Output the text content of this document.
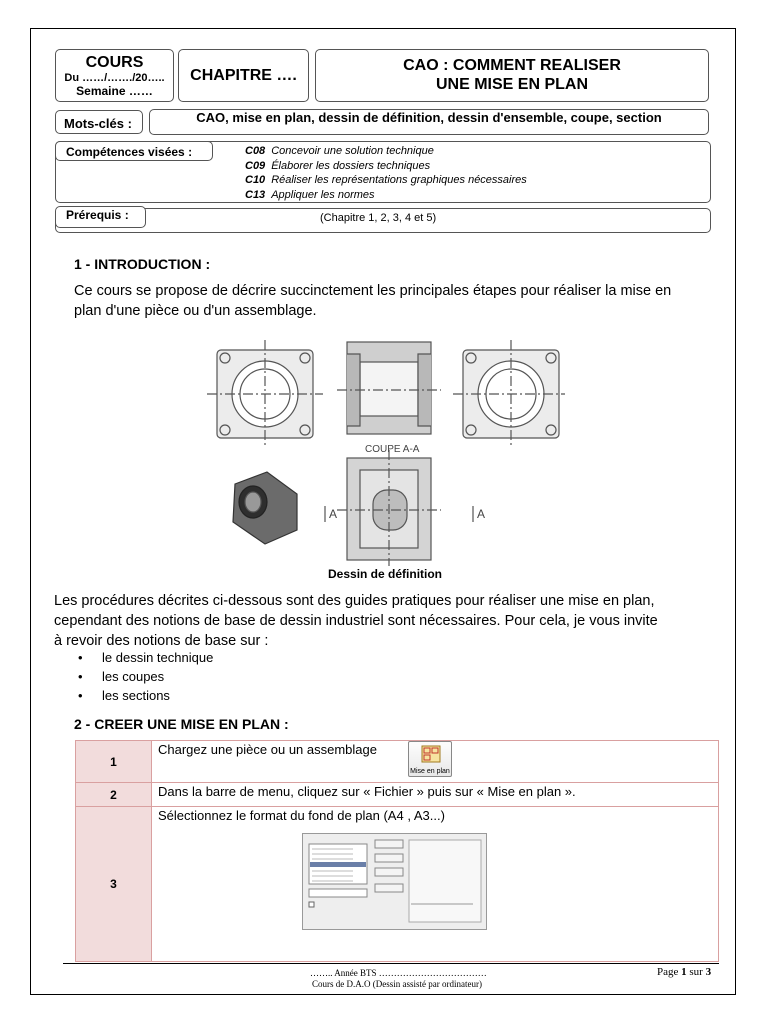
COURS
Du ……/……./20…..
Semaine ……
CHAPITRE ….
CAO : COMMENT REALISER
UNE MISE EN PLAN
CAO, mise en plan, dessin de définition, dessin d'ensemble, coupe, section
Mots-clés :
Compétences visées :	C08 Concevoir une solution technique
C09 Élaborer les dossiers techniques
C10 Réaliser les représentations graphiques nécessaires
C13 Appliquer les normes
Prérequis :	(Chapitre 1, 2, 3, 4 et 5)
1 - INTRODUCTION :
Ce cours se propose de décrire succinctement les principales étapes pour réaliser la mise en
plan d'une pièce ou d'un assemblage.
COUPE A-A
A	A
Dessin de définition
Les procédures décrites ci-dessous sont des guides pratiques pour réaliser une mise en plan,
cependant des notions de base de dessin industriel sont nécessaires. Pour cela, je vous invite
à revoir des notions de base sur :
• le dessin technique
• les coupes
• les sections
2 - CREER UNE MISE EN PLAN :
1	Chargez une pièce ou un assemblage
2	Dans la barre de menu, cliquez sur « Fichier » puis sur « Mise en plan ».
3	Sélectionnez le format du fond de plan (A4 , A3...)
Mise en plan
…….. Année BTS ………………………………
Cours de D.A.O (Dessin assisté par ordinateur)
Page 1 sur 3
